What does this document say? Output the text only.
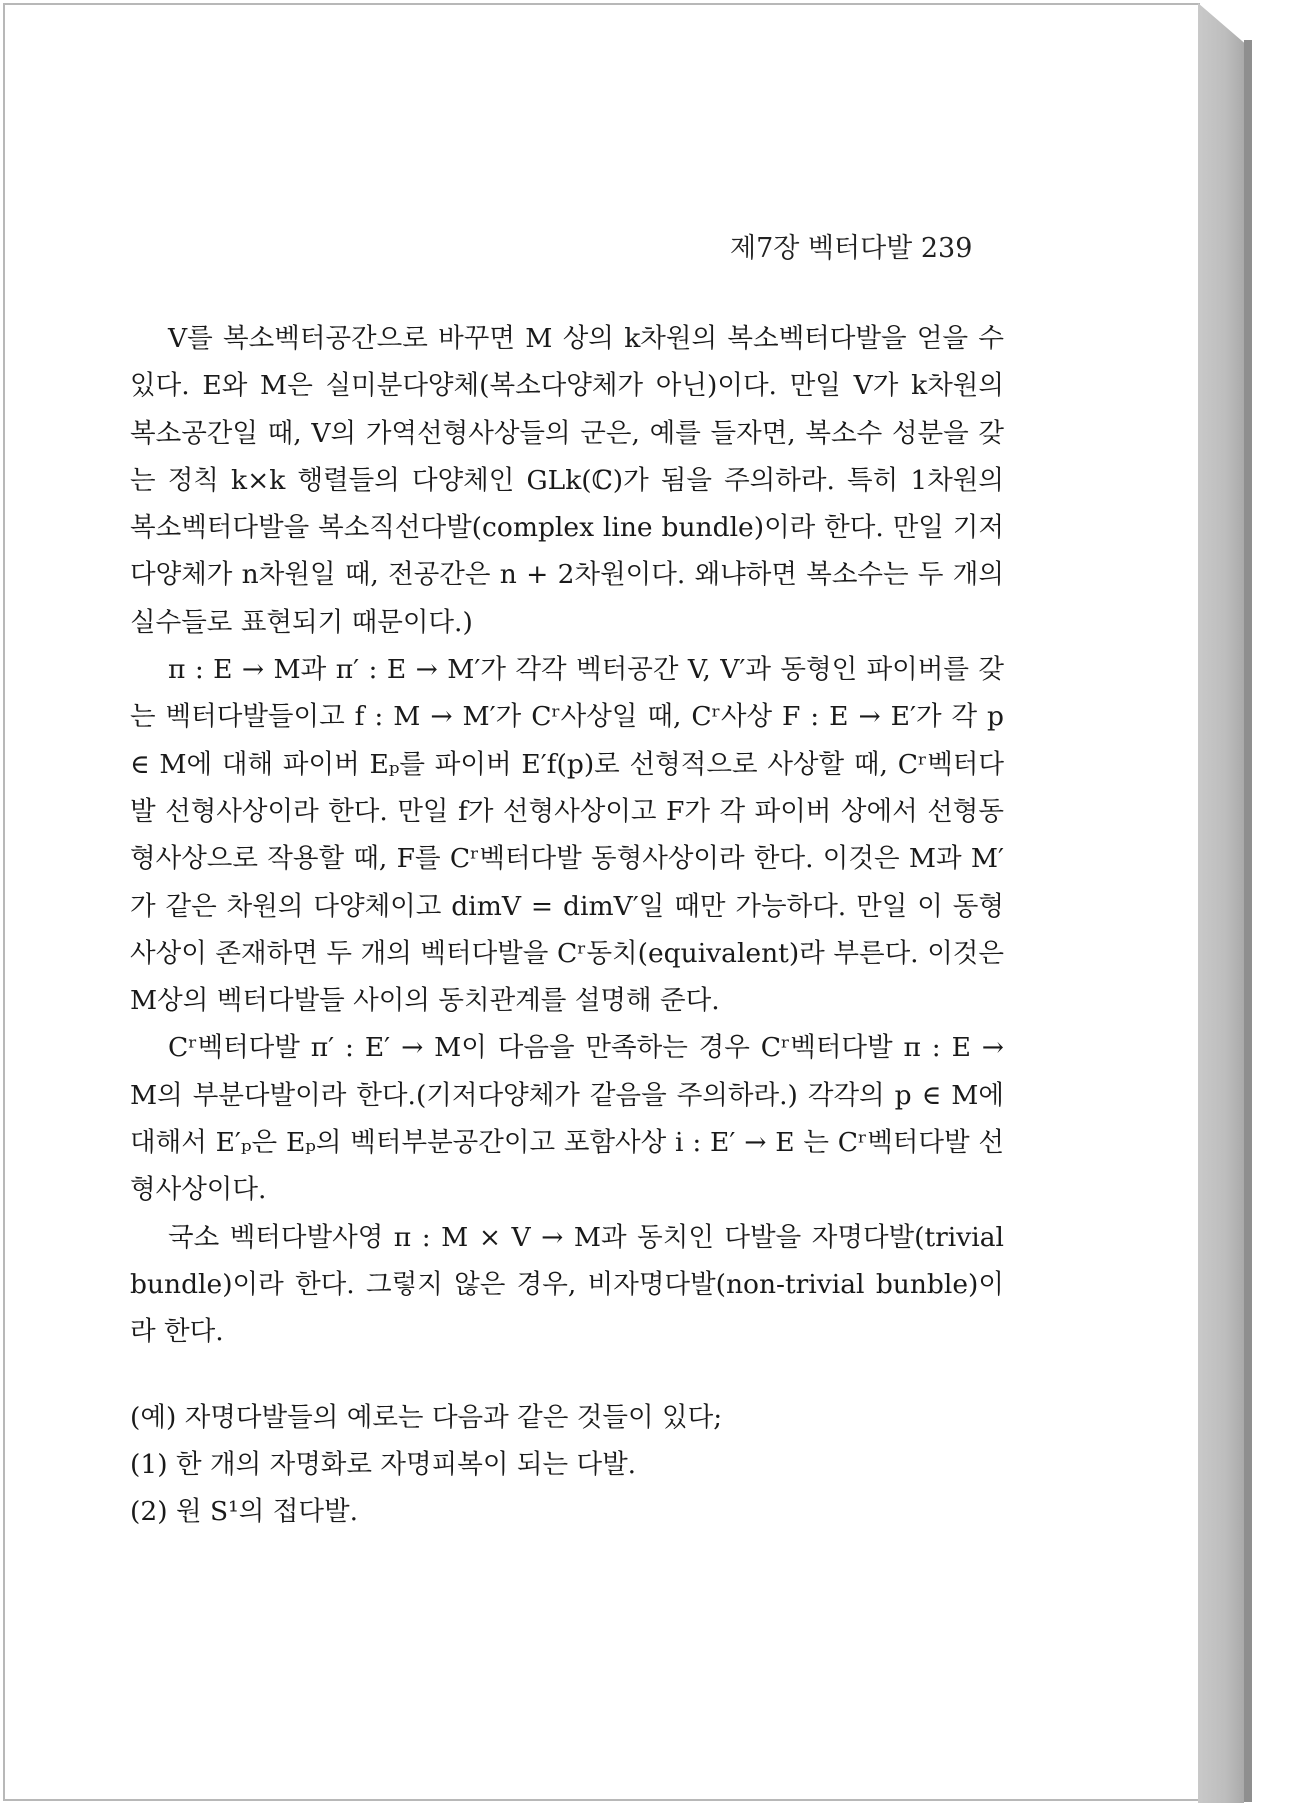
제7장 벡터다발 239

V를 복소벡터공간으로 바꾸면 M 상의 k차원의 복소벡터다발을 얻을 수 있다. E와 M은 실미분다양체(복소다양체가 아닌)이다. 만일 V가 k차원의 복소공간일 때, V의 가역선형사상들의 군은, 예를 들자면, 복소수 성분을 갖는 정칙 k×k 행렬들의 다양체인 GLk(ℂ)가 됨을 주의하라. 특히 1차원의 복소벡터다발을 복소직선다발(complex line bundle)이라 한다. 만일 기저다양체가 n차원일 때, 전공간은 n + 2차원이다. 왜냐하면 복소수는 두 개의 실수들로 표현되기 때문이다.)

π : E → M과 π′ : E → M′가 각각 벡터공간 V, V′과 동형인 파이버를 갖는 벡터다발들이고 f : M → M′가 Cʳ사상일 때, Cʳ사상 F : E → E′가 각 p ∈ M에 대해 파이버 Eₚ를 파이버 E′f(p)로 선형적으로 사상할 때, Cʳ벡터다발 선형사상이라 한다. 만일 f가 선형사상이고 F가 각 파이버 상에서 선형동형사상으로 작용할 때, F를 Cʳ벡터다발 동형사상이라 한다. 이것은 M과 M′가 같은 차원의 다양체이고 dimV = dimV′일 때만 가능하다. 만일 이 동형사상이 존재하면 두 개의 벡터다발을 Cʳ동치(equivalent)라 부른다. 이것은 M상의 벡터다발들 사이의 동치관계를 설명해 준다.

Cʳ벡터다발 π′ : E′ → M이 다음을 만족하는 경우 Cʳ벡터다발 π : E → M의 부분다발이라 한다.(기저다양체가 같음을 주의하라.) 각각의 p ∈ M에 대해서 E′ₚ은 Eₚ의 벡터부분공간이고 포함사상 i : E′ → E 는 Cʳ벡터다발 선형사상이다.

국소 벡터다발사영 π : M × V → M과 동치인 다발을 자명다발(trivial bundle)이라 한다. 그렇지 않은 경우, 비자명다발(non-trivial bunble)이라 한다.

(예) 자명다발들의 예로는 다음과 같은 것들이 있다;

(1) 한 개의 자명화로 자명피복이 되는 다발.

(2) 원 S¹의 접다발.
